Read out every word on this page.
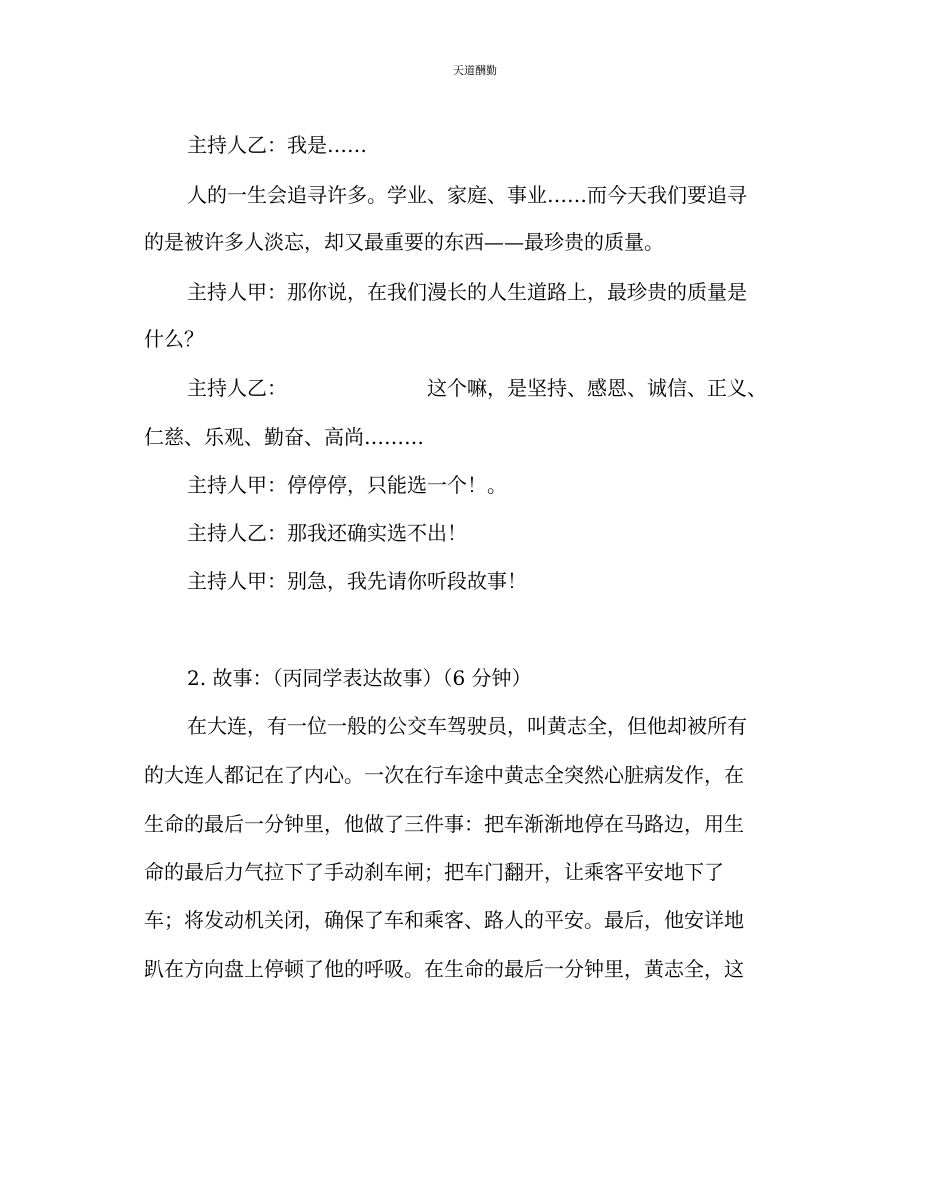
天道酬勤
主持人乙：我是……
人的一生会追寻许多。学业、家庭、事业……而今天我们要追寻
的是被许多人淡忘，却又最重要的东西——最珍贵的质量。
主持人甲：那你说，在我们漫长的人生道路上，最珍贵的质量是
什么？
主持人乙：	这个嘛，是坚持、感恩、诚信、正义、
仁慈、乐观、勤奋、高尚………
主持人甲：停停停，只能选一个！。
主持人乙：那我还确实选不出！
主持人甲：别急，我先请你听段故事！
2. 故事：（丙同学表达故事）（6 分钟）
在大连，有一位一般的公交车驾驶员，叫黄志全，但他却被所有
的大连人都记在了内心。一次在行车途中黄志全突然心脏病发作，在
生命的最后一分钟里，他做了三件事：把车渐渐地停在马路边，用生
命的最后力气拉下了手动刹车闸；把车门翻开，让乘客平安地下了
车；将发动机关闭，确保了车和乘客、路人的平安。最后，他安详地
趴在方向盘上停顿了他的呼吸。在生命的最后一分钟里，黄志全，这
